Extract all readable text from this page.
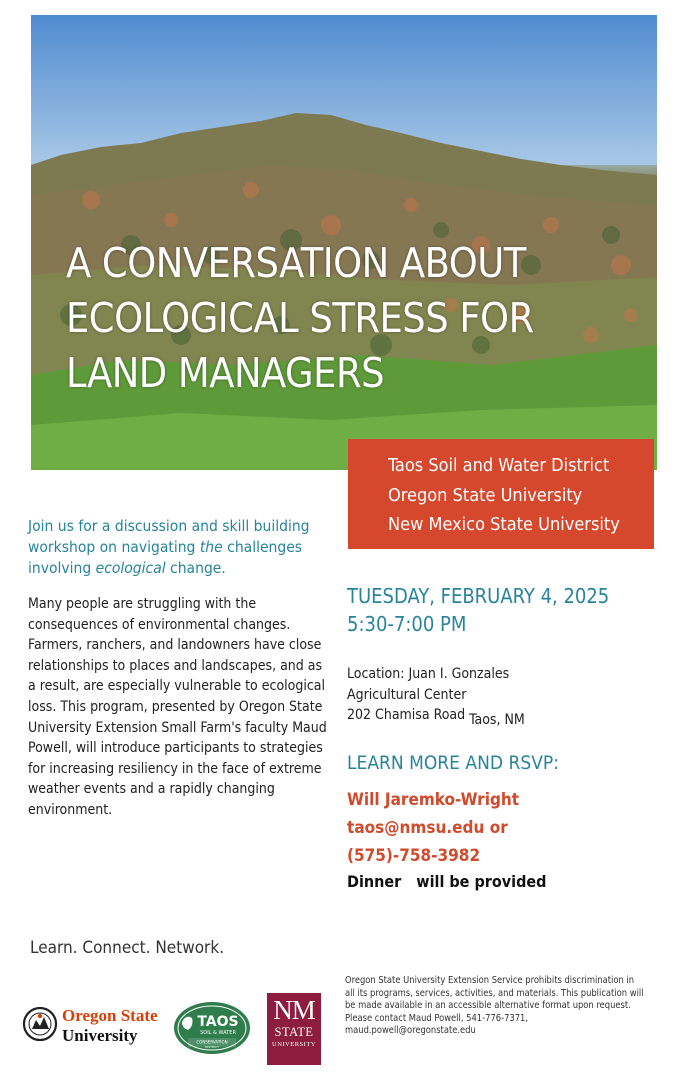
A CONVERSATION ABOUT
ECOLOGICAL STRESS FOR
LAND MANAGERS
Taos Soil and Water District
Oregon State University
New Mexico State University
Join us for a discussion and skill building workshop on navigating the challenges involving ecological change.
Many people are struggling with the consequences of environmental changes. Farmers, ranchers, and landowners have close relationships to places and landscapes, and as a result, are especially vulnerable to ecological loss. This program, presented by Oregon State University Extension Small Farm's faculty Maud Powell, will introduce participants to strategies for increasing resiliency in the face of extreme weather events and a rapidly changing environment.
TUESDAY, FEBRUARY 4, 2025
5:30-7:00 PM
Location: Juan I. Gonzales
Agricultural Center
202 Chamisa Road Taos, NM
LEARN MORE AND RSVP:
Will Jaremko-Wright
taos@nmsu.edu or
(575)-758-3982
Dinner will be provided
Learn. Connect. Network.
Oregon State University Extension Service prohibits discrimination in all its programs, services, activities, and materials. This publication will be made available in an accessible alternative format upon request. Please contact Maud Powell, 541-776-7371, maud.powell@oregonstate.edu
Oregon State
University
TAOS
SOIL & WATER
CONSERVATION
DISTRICT
NM
STATE
UNIVERSITY
